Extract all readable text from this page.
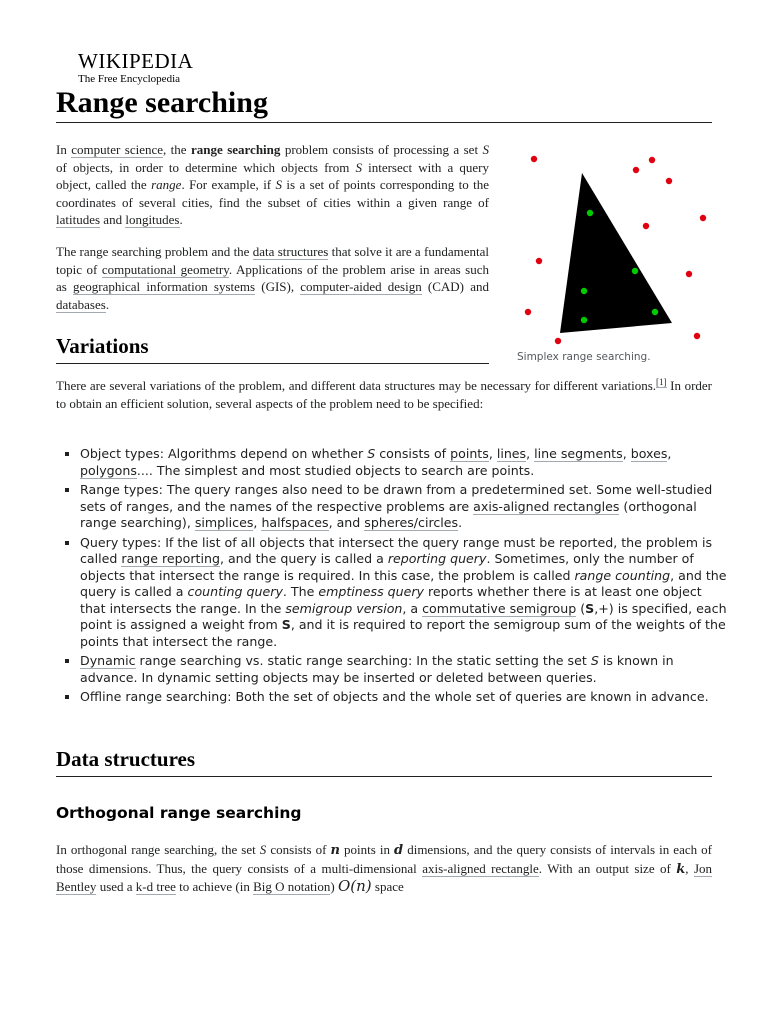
WIKIPEDIA
The Free Encyclopedia
Range searching

In computer science, the range searching problem consists of processing a set S of objects, in order to determine which objects from S intersect with a query object, called the range. For example, if S is a set of points corresponding to the coordinates of several cities, find the subset of cities within a given range of latitudes and longitudes.

The range searching problem and the data structures that solve it are a fundamental topic of computational geometry. Applications of the problem arise in areas such as geographical information systems (GIS), computer-aided design (CAD) and databases.

Simplex range searching.
Variations

There are several variations of the problem, and different data structures may be necessary for different variations.[1] In order to obtain an efficient solution, several aspects of the problem need to be specified:

▪ Object types: Algorithms depend on whether S consists of points, lines, line segments, boxes, polygons.... The simplest and most studied objects to search are points.
▪ Range types: The query ranges also need to be drawn from a predetermined set. Some well-studied sets of ranges, and the names of the respective problems are axis-aligned rectangles (orthogonal range searching), simplices, halfspaces, and spheres/circles.
▪ Query types: If the list of all objects that intersect the query range must be reported, the problem is called range reporting, and the query is called a reporting query. Sometimes, only the number of objects that intersect the range is required. In this case, the problem is called range counting, and the query is called a counting query. The emptiness query reports whether there is at least one object that intersects the range. In the semigroup version, a commutative semigroup (S,+) is specified, each point is assigned a weight from S, and it is required to report the semigroup sum of the weights of the points that intersect the range.
▪ Dynamic range searching vs. static range searching: In the static setting the set S is known in advance. In dynamic setting objects may be inserted or deleted between queries.
▪ Offline range searching: Both the set of objects and the whole set of queries are known in advance.
Data structures
Orthogonal range searching

In orthogonal range searching, the set S consists of n points in d dimensions, and the query consists of intervals in each of those dimensions. Thus, the query consists of a multi-dimensional axis-aligned rectangle. With an output size of k, Jon Bentley used a k-d tree to achieve (in Big O notation) O(n) space
